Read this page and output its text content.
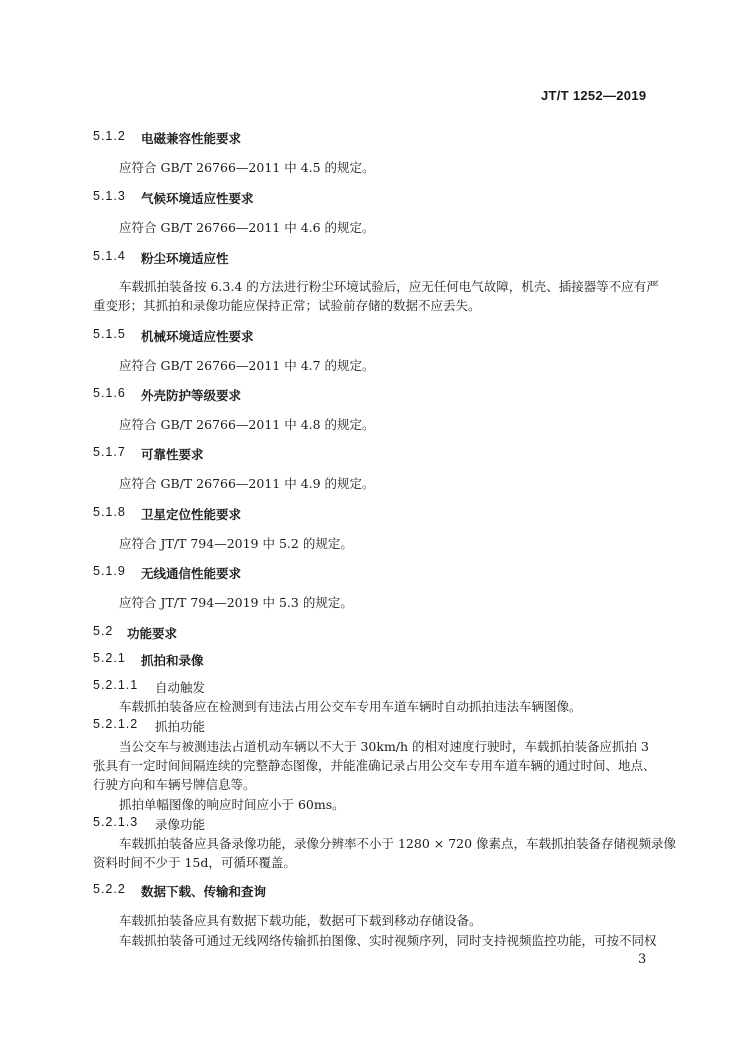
JT/T 1252—2019
5.1.2 电磁兼容性能要求
应符合 GB/T 26766—2011 中 4.5 的规定。
5.1.3 气候环境适应性要求
应符合 GB/T 26766—2011 中 4.6 的规定。
5.1.4 粉尘环境适应性
车载抓拍装备按 6.3.4 的方法进行粉尘环境试验后，应无任何电气故障，机壳、插接器等不应有严
重变形；其抓拍和录像功能应保持正常；试验前存储的数据不应丢失。
5.1.5 机械环境适应性要求
应符合 GB/T 26766—2011 中 4.7 的规定。
5.1.6 外壳防护等级要求
应符合 GB/T 26766—2011 中 4.8 的规定。
5.1.7 可靠性要求
应符合 GB/T 26766—2011 中 4.9 的规定。
5.1.8 卫星定位性能要求
应符合 JT/T 794—2019 中 5.2 的规定。
5.1.9 无线通信性能要求
应符合 JT/T 794—2019 中 5.3 的规定。
5.2 功能要求
5.2.1 抓拍和录像
5.2.1.1 自动触发
车载抓拍装备应在检测到有违法占用公交车专用车道车辆时自动抓拍违法车辆图像。
5.2.1.2 抓拍功能
当公交车与被测违法占道机动车辆以不大于 30km/h 的相对速度行驶时，车载抓拍装备应抓拍 3
张具有一定时间间隔连续的完整静态图像，并能准确记录占用公交车专用车道车辆的通过时间、地点、
行驶方向和车辆号牌信息等。
抓拍单幅图像的响应时间应小于 60ms。
5.2.1.3 录像功能
车载抓拍装备应具备录像功能，录像分辨率不小于 1280 × 720 像素点，车载抓拍装备存储视频录像
资料时间不少于 15d，可循环覆盖。
5.2.2 数据下载、传输和查询
车载抓拍装备应具有数据下载功能，数据可下载到移动存储设备。
车载抓拍装备可通过无线网络传输抓拍图像、实时视频序列，同时支持视频监控功能，可按不同权
3
